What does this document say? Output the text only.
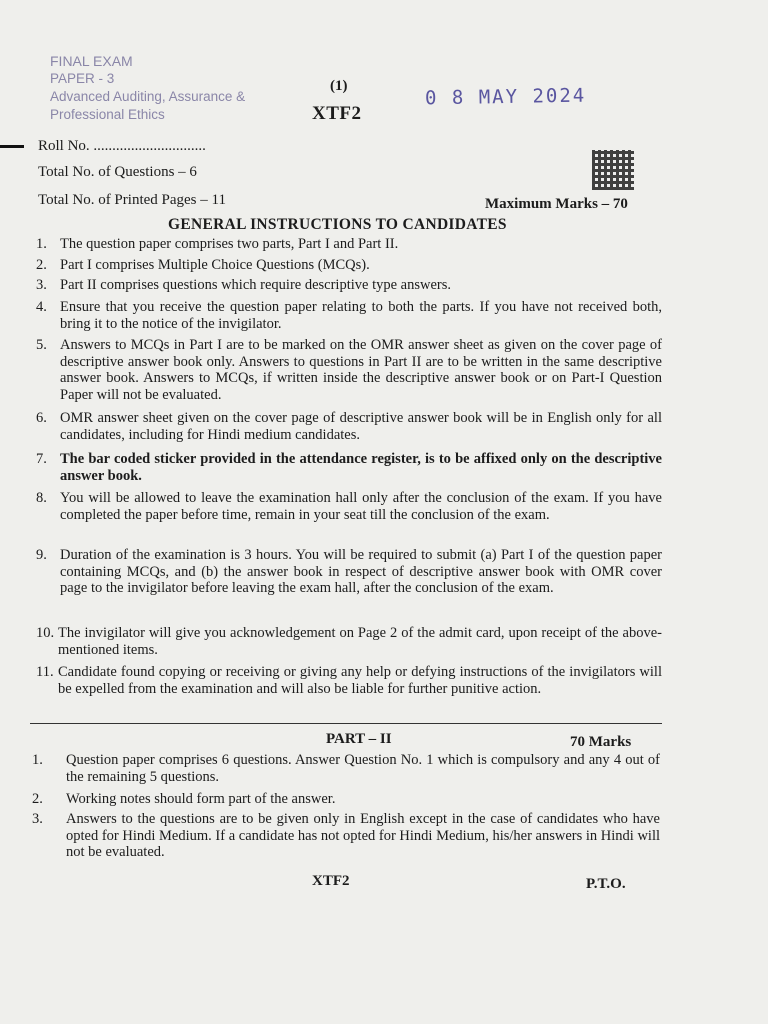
FINAL EXAM
PAPER - 3
Advanced Auditing, Assurance &
Professional Ethics
(1)
XTF2
0 8 MAY 2024
Roll No. ..............................
Total No. of Questions – 6
Total No. of Printed Pages – 11	Maximum Marks – 70
GENERAL INSTRUCTIONS TO CANDIDATES
1. The question paper comprises two parts, Part I and Part II.
2. Part I comprises Multiple Choice Questions (MCQs).
3. Part II comprises questions which require descriptive type answers.
4. Ensure that you receive the question paper relating to both the parts. If you have not received both, bring it to the notice of the invigilator.
5. Answers to MCQs in Part I are to be marked on the OMR answer sheet as given on the cover page of descriptive answer book only. Answers to questions in Part II are to be written in the same descriptive answer book. Answers to MCQs, if written inside the descriptive answer book or on Part-I Question Paper will not be evaluated.
6. OMR answer sheet given on the cover page of descriptive answer book will be in English only for all candidates, including for Hindi medium candidates.
7. The bar coded sticker provided in the attendance register, is to be affixed only on the descriptive answer book.
8. You will be allowed to leave the examination hall only after the conclusion of the exam. If you have completed the paper before time, remain in your seat till the conclusion of the exam.
9. Duration of the examination is 3 hours. You will be required to submit (a) Part I of the question paper containing MCQs, and (b) the answer book in respect of descriptive answer book with OMR cover page to the invigilator before leaving the exam hall, after the conclusion of the exam.
10. The invigilator will give you acknowledgement on Page 2 of the admit card, upon receipt of the above-mentioned items.
11. Candidate found copying or receiving or giving any help or defying instructions of the invigilators will be expelled from the examination and will also be liable for further punitive action.
PART – II	70 Marks
1. Question paper comprises 6 questions. Answer Question No. 1 which is compulsory and any 4 out of the remaining 5 questions.
2. Working notes should form part of the answer.
3. Answers to the questions are to be given only in English except in the case of candidates who have opted for Hindi Medium. If a candidate has not opted for Hindi Medium, his/her answers in Hindi will not be evaluated.
XTF2	P.T.O.
